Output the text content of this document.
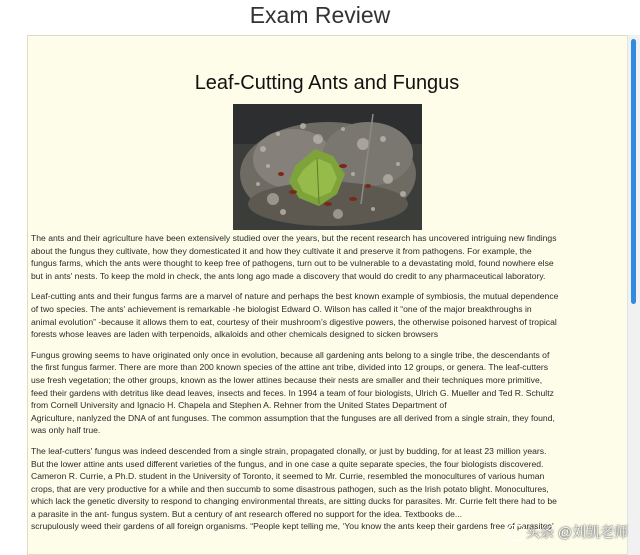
Exam Review
Leaf-Cutting Ants and Fungus

The ants and their agriculture have been extensively studied over the years, but the recent research has uncovered intriguing new findings
about the fungus they cultivate, how they domesticated it and how they cultivate it and preserve it from pathogens. For example, the
fungus farms, which the ants were thought to keep free of pathogens, turn out to be vulnerable to a devastating mold, found nowhere else
but in ants' nests. To keep the mold in check, the ants long ago made a discovery that would do credit to any pharmaceutical laboratory.

Leaf-cutting ants and their fungus farms are a marvel of nature and perhaps the best known example of symbiosis, the mutual dependence
of two species. The ants' achievement is remarkable -he biologist Edward O. Wilson has called it “one of the major breakthroughs in
animal evolution” -because it allows them to eat, courtesy of their mushroom’s digestive powers, the otherwise poisoned harvest of tropical
forests whose leaves are laden with terpenoids, alkaloids and other chemicals designed to sicken browsers

Fungus growing seems to have originated only once in evolution, because all gardening ants belong to a single tribe, the descendants of
the first fungus farmer. There are more than 200 known species of the attine ant tribe, divided into 12 groups, or genera. The leaf-cutters
use fresh vegetation; the other groups, known as the lower attines because their nests are smaller and their techniques more primitive,
feed their gardens with detritus like dead leaves, insects and feces. In 1994 a team of four biologists, Ulrich G. Mueller and Ted R. Schultz
from Cornell University and Ignacio H. Chapela and Stephen A. Rehner from the United States Department of
Agriculture, nanlyzed the DNA of ant funguses. The common assumption that the funguses are all derived from a single strain, they found,
was only half true.

The leaf-cutters' fungus was indeed descended from a single strain, propagated clonally, or just by budding, for at least 23 million years.
But the lower attine ants used different varieties of the fungus, and in one case a quite separate species, the four biologists discovered.
Cameron R. Currie, a Ph.D. student in the University of Toronto, it seemed to Mr. Currie, resembled the monocultures of various human
crops, that are very productive for a while and then succumb to some disastrous pathogen, such as the Irish potato blight. Monocultures,
which lack the genetic diversity to respond to changing environmental threats, are sitting ducks for parasites. Mr. Currie felt there had to be
a parasite in the ant- fungus system. But a century of ant research offered no support for the idea. Textbooks de...
scrupulously weed their gardens of all foreign organisms. “People kept telling me, ‘You know the ants keep their gardens free of parasites’

头条 @刘凯老师
